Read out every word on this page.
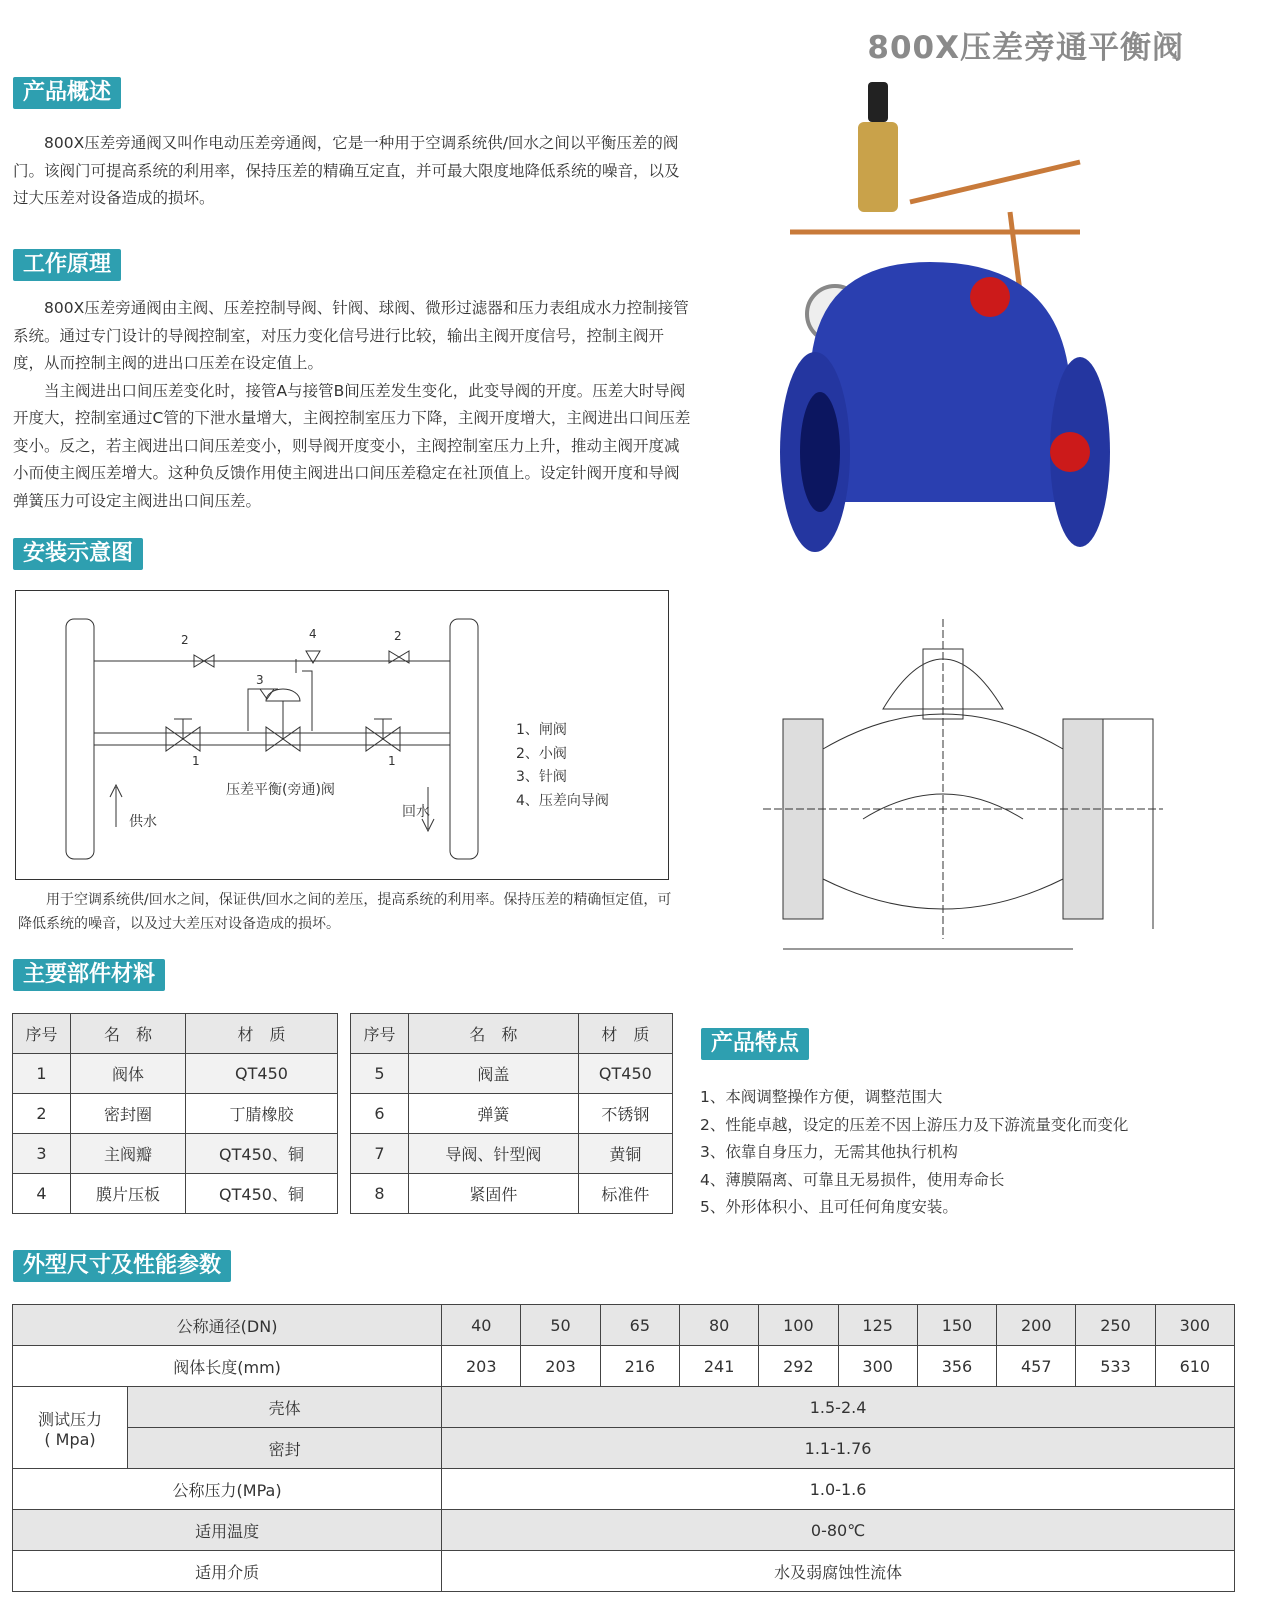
800X压差旁通平衡阀
产品概述

800X压差旁通阀又叫作电动压差旁通阀，它是一种用于空调系统供/回水之间以平衡压差的阀门。该阀门可提高系统的利用率，保持压差的精确互定直，并可最大限度地降低系统的噪音，以及过大压差对设备造成的损坏。

工作原理

800X压差旁通阀由主阀、压差控制导阀、针阀、球阀、微形过滤器和压力表组成水力控制接管系统。通过专门设计的导阀控制室，对压力变化信号进行比较，输出主阀开度信号，控制主阀开度，从而控制主阀的进出口压差在设定值上。

当主阀进出口间压差变化时，接管A与接管B间压差发生变化，此变导阀的开度。压差大时导阀开度大，控制室通过C管的下泄水量增大，主阀控制室压力下降，主阀开度增大，主阀进出口间压差变小。反之，若主阀进出口间压差变小，则导阀开度变小，主阀控制室压力上升，推动主阀开度减小而使主阀压差增大。这种负反馈作用使主阀进出口间压差稳定在社顶值上。设定针阀开度和导阀弹簧压力可设定主阀进出口间压差。

安装示意图
2	2
4
3
1	1
压差平衡(旁通)阀
供水
回水
1、闸阀
2、小阀
3、针阀
4、压差向导阀
用于空调系统供/回水之间，保证供/回水之间的差压，提高系统的利用率。保持压差的精确恒定值，可降低系统的噪音，以及过大差压对设备造成的损坏。
主要部件材料
序号	名　称	材　质
1	阀体	QT450
2	密封圈	丁腈橡胶
3	主阀瓣	QT450、铜
4	膜片压板	QT450、铜
序号	名　称	材　质
5	阀盖	QT450
6	弹簧	不锈钢
7	导阀、针型阀	黄铜
8	紧固件	标准件
产品特点
1、本阀调整操作方便，调整范围大
2、性能卓越，设定的压差不因上游压力及下游流量变化而变化
3、依靠自身压力，无需其他执行机构
4、薄膜隔离、可靠且无易损件，使用寿命长
5、外形体积小、且可任何角度安装。
外型尺寸及性能参数
公称通径(DN)		40	50	65	80	100	125	150	200	250	300
阀体长度(mm)		203	203	216	241	292	300	356	457	533	610

测试压力
( Mpa)	壳体	1.5-2.4									
	密封	1.1-1.76									
公称压力(MPa)		1.0-1.6									
适用温度		0-80℃									
适用介质		水及弱腐蚀性流体									
